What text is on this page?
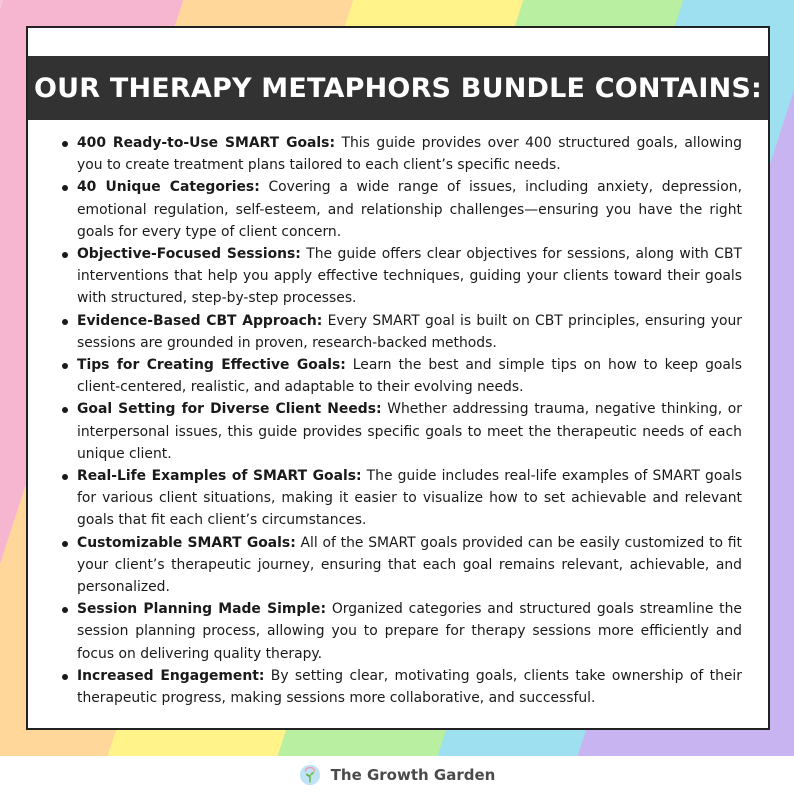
OUR THERAPY METAPHORS BUNDLE CONTAINS:
400 Ready-to-Use SMART Goals: This guide provides over 400 structured goals, allowing you to create treatment plans tailored to each client’s specific needs.
40 Unique Categories: Covering a wide range of issues, including anxiety, depression, emotional regulation, self-esteem, and relationship challenges—ensuring you have the right goals for every type of client concern.
Objective-Focused Sessions: The guide offers clear objectives for sessions, along with CBT interventions that help you apply effective techniques, guiding your clients toward their goals with structured, step-by-step processes.
Evidence-Based CBT Approach: Every SMART goal is built on CBT principles, ensuring your sessions are grounded in proven, research-backed methods.
Tips for Creating Effective Goals: Learn the best and simple tips on how to keep goals client-centered, realistic, and adaptable to their evolving needs.
Goal Setting for Diverse Client Needs: Whether addressing trauma, negative thinking, or interpersonal issues, this guide provides specific goals to meet the therapeutic needs of each unique client.
Real-Life Examples of SMART Goals: The guide includes real-life examples of SMART goals for various client situations, making it easier to visualize how to set achievable and relevant goals that fit each client’s circumstances.
Customizable SMART Goals: All of the SMART goals provided can be easily customized to fit your client’s therapeutic journey, ensuring that each goal remains relevant, achievable, and personalized.
Session Planning Made Simple: Organized categories and structured goals streamline the session planning process, allowing you to prepare for therapy sessions more efficiently and focus on delivering quality therapy.
Increased Engagement: By setting clear, motivating goals, clients take ownership of their therapeutic progress, making sessions more collaborative, and successful.
The Growth Garden
